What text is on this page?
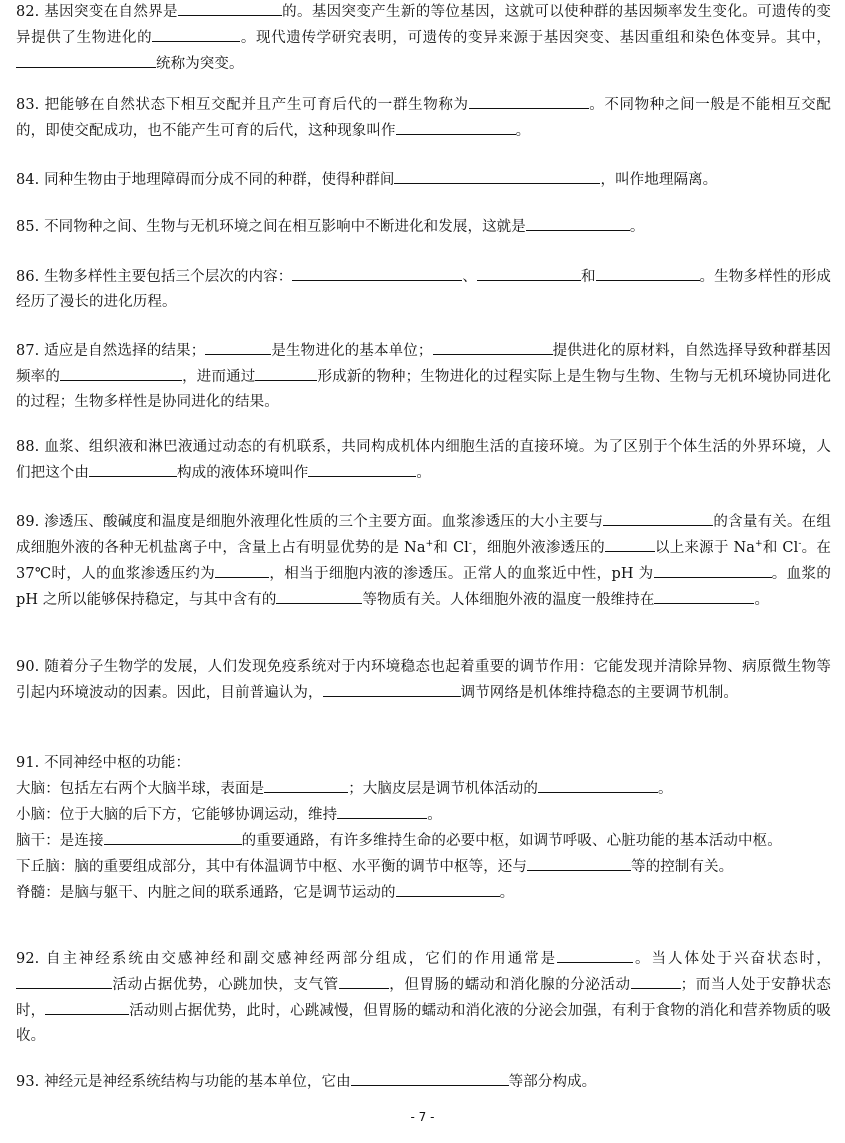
82. 基因突变在自然界是	的。基因突变产生新的等位基因，这就可以使种群的基因频率发生变化。可遗传的变异提供了生物进化的	。现代遗传学研究表明，可遗传的变异来源于基因突变、基因重组和染色体变异。其中，统称为突变。
83. 把能够在自然状态下相互交配并且产生可育后代的一群生物称为	。不同物种之间一般是不能相互交配的，即使交配成功，也不能产生可育的后代，这种现象叫作	。
84. 同种生物由于地理障碍而分成不同的种群，使得种群间	，叫作地理隔离。
85. 不同物种之间、生物与无机环境之间在相互影响中不断进化和发展，这就是	。
86. 生物多样性主要包括三个层次的内容：	、	和	。生物多样性的形成经历了漫长的进化历程。
87. 适应是自然选择的结果；	是生物进化的基本单位；	提供进化的原材料，自然选择导致种群基因频率的	，进而通过	形成新的物种；生物进化的过程实际上是生物与生物、生物与无机环境协同进化的过程；生物多样性是协同进化的结果。
88. 血浆、组织液和淋巴液通过动态的有机联系，共同构成机体内细胞生活的直接环境。为了区别于个体生活的外界环境，人们把这个由	构成的液体环境叫作	。
89. 渗透压、酸碱度和温度是细胞外液理化性质的三个主要方面。血浆渗透压的大小主要与	的含量有关。在组成细胞外液的各种无机盐离子中，含量上占有明显优势的是 Na+和 Cl-，细胞外液渗透压的	以上来源于 Na+和 Cl-。在 37℃时，人的血浆渗透压约为	，相当于细胞内液的渗透压。正常人的血浆近中性，pH 为	。血浆的 pH 之所以能够保持稳定，与其中含有的	等物质有关。人体细胞外液的温度一般维持在	。
90. 随着分子生物学的发展，人们发现免疫系统对于内环境稳态也起着重要的调节作用：它能发现并清除异物、病原微生物等引起内环境波动的因素。因此，目前普遍认为，	调节网络是机体维持稳态的主要调节机制。
91. 不同神经中枢的功能：
大脑：包括左右两个大脑半球，表面是	；大脑皮层是调节机体活动的	。
小脑：位于大脑的后下方，它能够协调运动，维持	。
脑干：是连接	的重要通路，有许多维持生命的必要中枢，如调节呼吸、心脏功能的基本活动中枢。
下丘脑：脑的重要组成部分，其中有体温调节中枢、水平衡的调节中枢等，还与	等的控制有关。
脊髓：是脑与躯干、内脏之间的联系通路，它是调节运动的	。
92. 自主神经系统由交感神经和副交感神经两部分组成，它们的作用通常是	。当人体处于兴奋状态时，活动占据优势，心跳加快，支气管	，但胃肠的蠕动和消化腺的分泌活动	；而当人处于安静状态时，	活动则占据优势，此时，心跳减慢，但胃肠的蠕动和消化液的分泌会加强，有利于食物的消化和营养物质的吸收。
93. 神经元是神经系统结构与功能的基本单位，它由	等部分构成。
- 7 -
